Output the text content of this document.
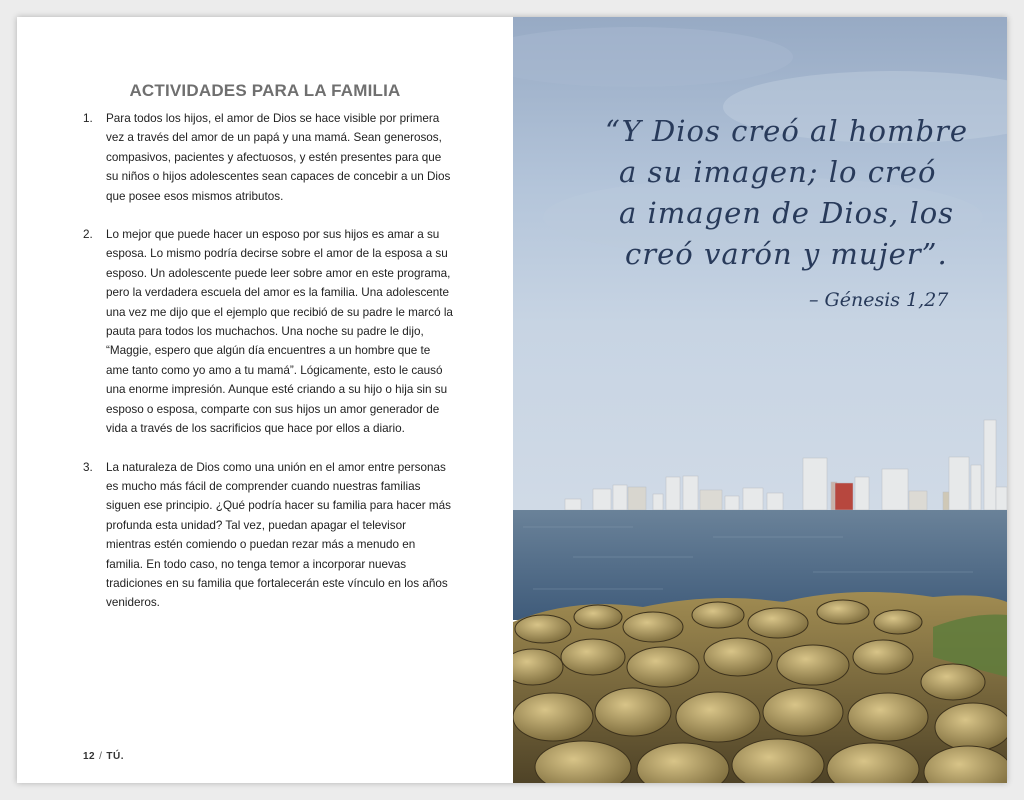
ACTIVIDADES PARA LA FAMILIA
1. Para todos los hijos, el amor de Dios se hace visible por primera vez a través del amor de un papá y una mamá. Sean generosos, compasivos, pacientes y afectuosos, y estén presentes para que su niños o hijos adolescentes sean capaces de concebir a un Dios que posee esos mismos atributos.
2. Lo mejor que puede hacer un esposo por sus hijos es amar a su esposa. Lo mismo podría decirse sobre el amor de la esposa a su esposo. Un adolescente puede leer sobre amor en este programa, pero la verdadera escuela del amor es la familia. Una adolescente una vez me dijo que el ejemplo que recibió de su padre le marcó la pauta para todos los muchachos. Una noche su padre le dijo, “Maggie, espero que algún día encuentres a un hombre que te ame tanto como yo amo a tu mamá”. Lógicamente, esto le causó una enorme impresión. Aunque esté criando a su hijo o hija sin su esposo o esposa, comparte con sus hijos un amor generador de vida a través de los sacrificios que hace por ellos a diario.
3. La naturaleza de Dios como una unión en el amor entre personas es mucho más fácil de comprender cuando nuestras familias siguen ese principio. ¿Qué podría hacer su familia para hacer más profunda esta unidad? Tal vez, puedan apagar el televisor mientras estén comiendo o puedan rezar más a menudo en familia. En todo caso, no tenga temor a incorporar nuevas tradiciones en su familia que fortalecerán este vínculo en los años venideros.
12 / TÚ.

“Y Dios creó al hombre
a su imagen; lo creó
a imagen de Dios, los
creó varón y mujer”.

– Génesis 1,27
